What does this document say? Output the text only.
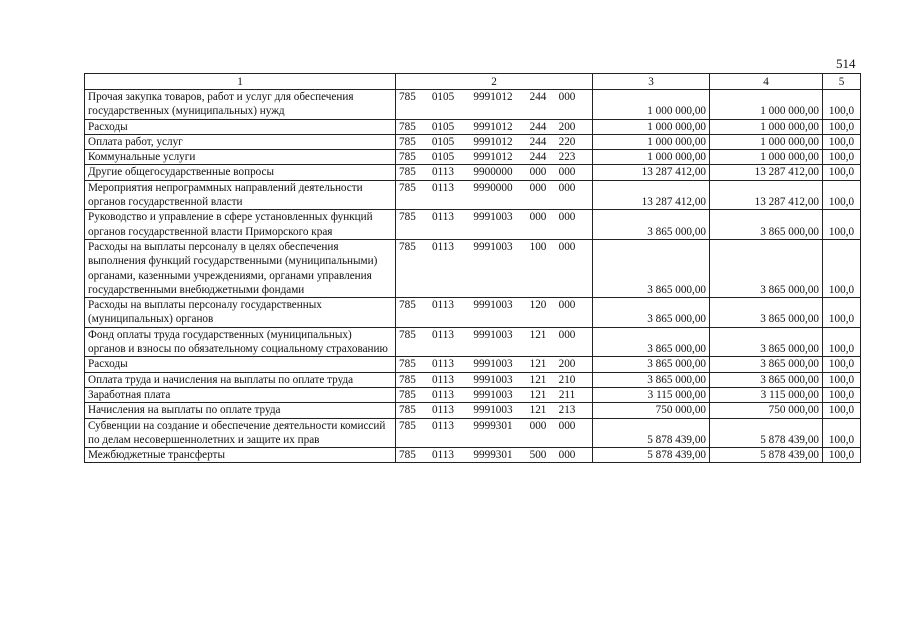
514
1	2	3	4	5
Прочая закупка товаров, работ и услуг для обеспечения государственных (муниципальных) нужд	785 0105 9991012 244 000	1 000 000,00	1 000 000,00	100,0
Расходы	785 0105 9991012 244 200	1 000 000,00	1 000 000,00	100,0
Оплата работ, услуг	785 0105 9991012 244 220	1 000 000,00	1 000 000,00	100,0
Коммунальные услуги	785 0105 9991012 244 223	1 000 000,00	1 000 000,00	100,0
Другие общегосударственные вопросы	785 0113 9900000 000 000	13 287 412,00	13 287 412,00	100,0
Мероприятия непрограммных направлений деятельности органов государственной власти	785 0113 9990000 000 000	13 287 412,00	13 287 412,00	100,0
Руководство и управление в сфере установленных функций органов государственной власти Приморского края	785 0113 9991003 000 000	3 865 000,00	3 865 000,00	100,0
Расходы на выплаты персоналу в целях обеспечения выполнения функций государственными (муниципальными) органами, казенными учреждениями, органами управления государственными внебюджетными фондами	785 0113 9991003 100 000	3 865 000,00	3 865 000,00	100,0
Расходы на выплаты персоналу государственных (муниципальных) органов	785 0113 9991003 120 000	3 865 000,00	3 865 000,00	100,0
Фонд оплаты труда государственных (муниципальных) органов и взносы по обязательному социальному страхованию	785 0113 9991003 121 000	3 865 000,00	3 865 000,00	100,0
Расходы	785 0113 9991003 121 200	3 865 000,00	3 865 000,00	100,0
Оплата труда и начисления на выплаты по оплате труда	785 0113 9991003 121 210	3 865 000,00	3 865 000,00	100,0
Заработная плата	785 0113 9991003 121 211	3 115 000,00	3 115 000,00	100,0
Начисления на выплаты по оплате труда	785 0113 9991003 121 213	750 000,00	750 000,00	100,0
Субвенции на создание и обеспечение деятельности комиссий по делам несовершеннолетних и защите их прав	785 0113 9999301 000 000	5 878 439,00	5 878 439,00	100,0
Межбюджетные трансферты	785 0113 9999301 500 000	5 878 439,00	5 878 439,00	100,0
